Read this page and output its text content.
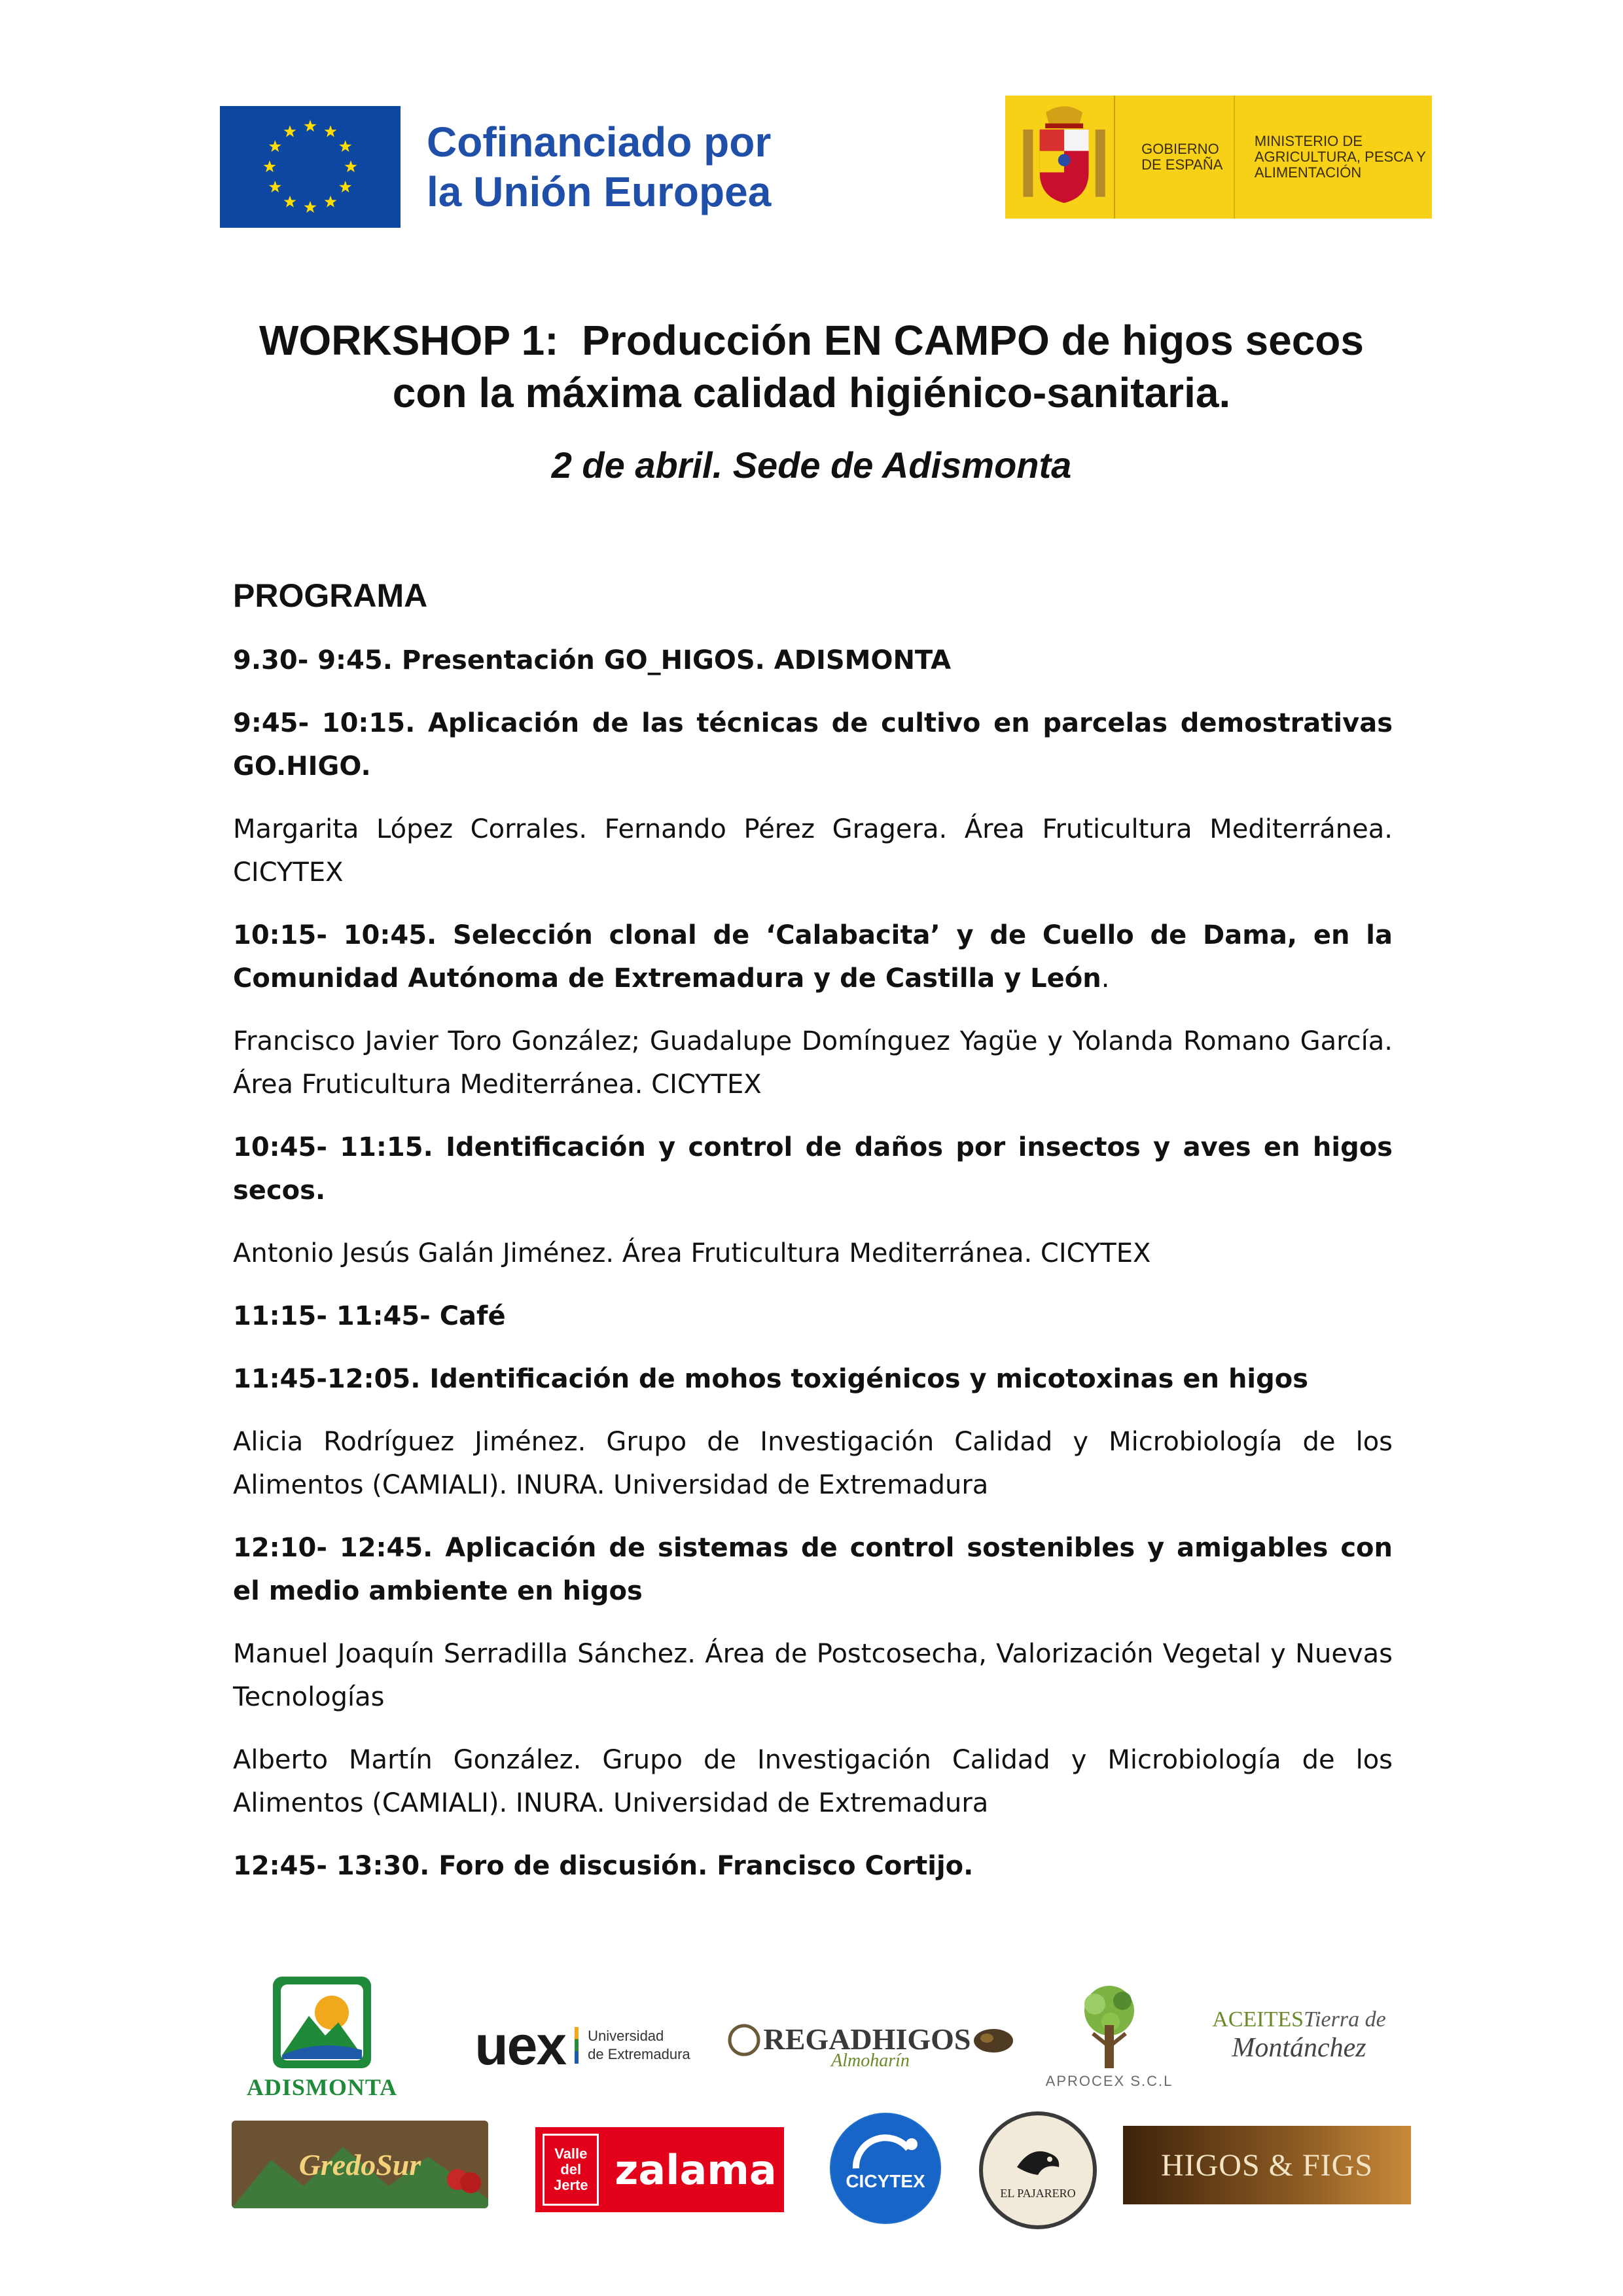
Cofinanciado por
la Unión Europea
GOBIERNO DE ESPAÑA
MINISTERIO DE AGRICULTURA, PESCA Y ALIMENTACIÓN
WORKSHOP 1:  Producción EN CAMPO de higos secos
con la máxima calidad higiénico-sanitaria.
2 de abril. Sede de Adismonta
PROGRAMA
9.30- 9:45. Presentación GO_HIGOS. ADISMONTA
9:45- 10:15. Aplicación de las técnicas de cultivo en parcelas demostrativas GO.HIGO.
Margarita López Corrales. Fernando Pérez Gragera. Área Fruticultura Mediterránea. CICYTEX
10:15- 10:45. Selección clonal de ‘Calabacita’ y de Cuello de Dama, en la Comunidad Autónoma de Extremadura y de Castilla y León.
Francisco Javier Toro González; Guadalupe Domínguez Yagüe y Yolanda Romano García. Área Fruticultura Mediterránea. CICYTEX
10:45- 11:15. Identificación y control de daños por insectos y aves en higos secos.
Antonio Jesús Galán Jiménez. Área Fruticultura Mediterránea. CICYTEX
11:15- 11:45- Café
11:45-12:05. Identificación de mohos toxigénicos y micotoxinas en higos
Alicia Rodríguez Jiménez. Grupo de Investigación Calidad y Microbiología de los Alimentos (CAMIALI). INURA. Universidad de Extremadura
12:10- 12:45. Aplicación de sistemas de control sostenibles y amigables con el medio ambiente en higos
Manuel Joaquín Serradilla Sánchez. Área de Postcosecha, Valorización Vegetal y Nuevas Tecnologías
Alberto Martín González. Grupo de Investigación Calidad y Microbiología de los Alimentos (CAMIALI). INURA. Universidad de Extremadura
12:45- 13:30. Foro de discusión. Francisco Cortijo.
ADISMONTA
uex Universidad
de Extremadura REGADHIGOS
Almoharín
APROCEX S.C.L
ACEITES Tierra de
Montánchez
GredoSur	Valle
del
Jerte zalama	CICYTEX
EL PAJARERO
HIGOS & FIGS
